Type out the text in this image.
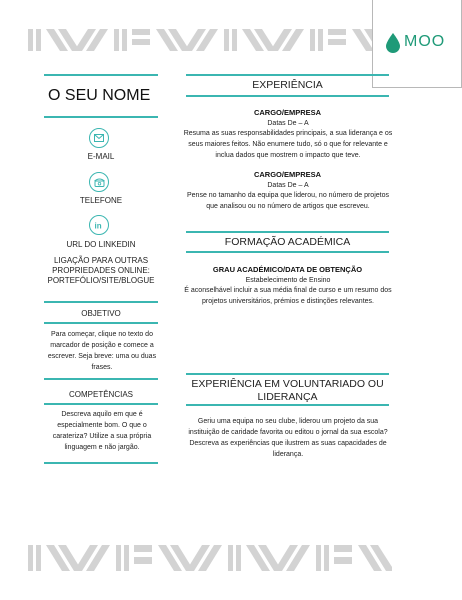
MOO
O SEU NOME
E-MAIL
TELEFONE
in
URL DO LINKEDIN
LIGAÇÃO PARA OUTRAS PROPRIEDADES ONLINE: PORTEFÓLIO/SITE/BLOGUE
OBJETIVO
Para começar, clique no texto do marcador de posição e comece a escrever. Seja breve: uma ou duas frases.
COMPETÊNCIAS
Descreva aquilo em que é especialmente bom. O que o carateriza? Utilize a sua própria linguagem e não jargão.
EXPERIÊNCIA
CARGO/EMPRESA
Datas De – A
Resuma as suas responsabilidades principais, a sua liderança e os seus maiores feitos. Não enumere tudo, só o que for relevante e inclua dados que mostrem o impacto que teve.
CARGO/EMPRESA
Datas De – A
Pense no tamanho da equipa que liderou, no número de projetos que analisou ou no número de artigos que escreveu.
FORMAÇÃO ACADÉMICA
GRAU ACADÉMICO/DATA DE OBTENÇÃO
Estabelecimento de Ensino
É aconselhável incluir a sua média final de curso e um resumo dos projetos universitários, prémios e distinções relevantes.
EXPERIÊNCIA EM VOLUNTARIADO OU LIDERANÇA
Geriu uma equipa no seu clube, liderou um projeto da sua instituição de caridade favorita ou editou o jornal da sua escola? Descreva as experiências que ilustrem as suas capacidades de liderança.
